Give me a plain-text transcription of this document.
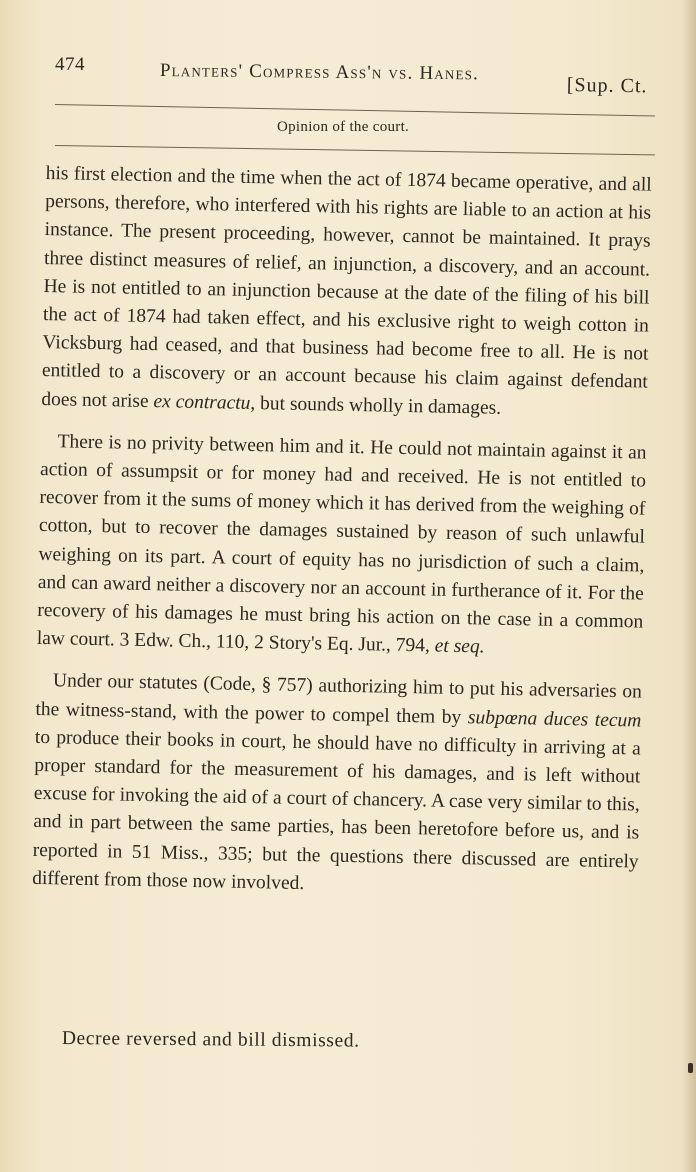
474	Planters' Compress Ass'n vs. Hanes.
[Sup. Ct.
Opinion of the court.

his first election and the time when the act of 1874 became operative, and all persons, therefore, who interfered with his rights are liable to an action at his instance. The present proceeding, however, cannot be maintained. It prays three distinct measures of relief, an injunction, a discovery, and an account. He is not entitled to an injunction because at the date of the filing of his bill the act of 1874 had taken effect, and his exclusive right to weigh cotton in Vicksburg had ceased, and that business had become free to all. He is not entitled to a discovery or an account because his claim against defendant does not arise ex contractu, but sounds wholly in damages.

There is no privity between him and it. He could not maintain against it an action of assumpsit or for money had and received. He is not entitled to recover from it the sums of money which it has derived from the weighing of cotton, but to recover the damages sustained by reason of such unlawful weighing on its part. A court of equity has no jurisdiction of such a claim, and can award neither a discovery nor an account in furtherance of it. For the recovery of his damages he must bring his action on the case in a common law court. 3 Edw. Ch., 110, 2 Story's Eq. Jur., 794, et seq.

Under our statutes (Code, § 757) authorizing him to put his adversaries on the witness-stand, with the power to compel them by subpœna duces tecum to produce their books in court, he should have no difficulty in arriving at a proper standard for the measurement of his damages, and is left without excuse for invoking the aid of a court of chancery. A case very similar to this, and in part between the same parties, has been heretofore before us, and is reported in 51 Miss., 335; but the questions there discussed are entirely different from those now involved.

Decree reversed and bill dismissed.
